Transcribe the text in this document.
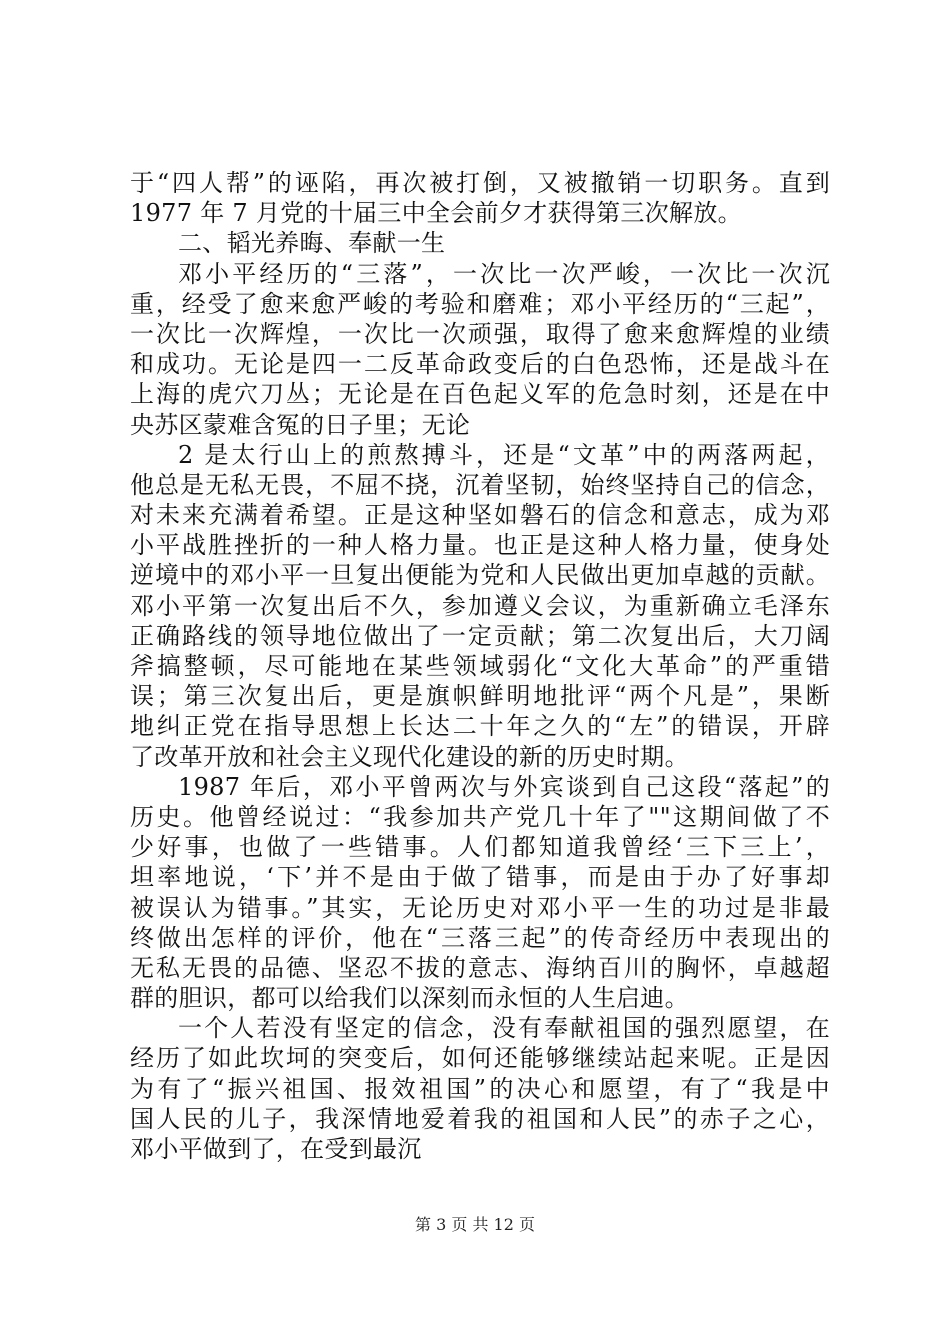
于“四人帮”的诬陷，再次被打倒，又被撤销一切职务。直到
1977 年 7 月党的十届三中全会前夕才获得第三次解放。
二、韬光养晦、奉献一生
邓小平经历的“三落”，一次比一次严峻，一次比一次沉
重，经受了愈来愈严峻的考验和磨难；邓小平经历的“三起”，
一次比一次辉煌，一次比一次顽强，取得了愈来愈辉煌的业绩
和成功。无论是四一二反革命政变后的白色恐怖，还是战斗在
上海的虎穴刀丛；无论是在百色起义军的危急时刻，还是在中
央苏区蒙难含冤的日子里；无论
2 是太行山上的煎熬搏斗，还是“文革”中的两落两起，
他总是无私无畏，不屈不挠，沉着坚韧，始终坚持自己的信念，
对未来充满着希望。正是这种坚如磐石的信念和意志，成为邓
小平战胜挫折的一种人格力量。也正是这种人格力量，使身处
逆境中的邓小平一旦复出便能为党和人民做出更加卓越的贡献。
邓小平第一次复出后不久，参加遵义会议，为重新确立毛泽东
正确路线的领导地位做出了一定贡献；第二次复出后，大刀阔
斧搞整顿，尽可能地在某些领域弱化“文化大革命”的严重错
误；第三次复出后，更是旗帜鲜明地批评“两个凡是”，果断
地纠正党在指导思想上长达二十年之久的“左”的错误，开辟
了改革开放和社会主义现代化建设的新的历史时期。
1987 年后，邓小平曾两次与外宾谈到自己这段“落起”的
历史。他曾经说过：“我参加共产党几十年了""这期间做了不
少好事，也做了一些错事。人们都知道我曾经‘三下三上’，
坦率地说，‘下’并不是由于做了错事，而是由于办了好事却
被误认为错事。”其实，无论历史对邓小平一生的功过是非最
终做出怎样的评价，他在“三落三起”的传奇经历中表现出的
无私无畏的品德、坚忍不拔的意志、海纳百川的胸怀，卓越超
群的胆识，都可以给我们以深刻而永恒的人生启迪。
一个人若没有坚定的信念，没有奉献祖国的强烈愿望，在
经历了如此坎坷的突变后，如何还能够继续站起来呢。正是因
为有了“振兴祖国、报效祖国”的决心和愿望，有了“我是中
国人民的儿子，我深情地爱着我的祖国和人民”的赤子之心，
邓小平做到了，在受到最沉
第 3 页 共 12 页
